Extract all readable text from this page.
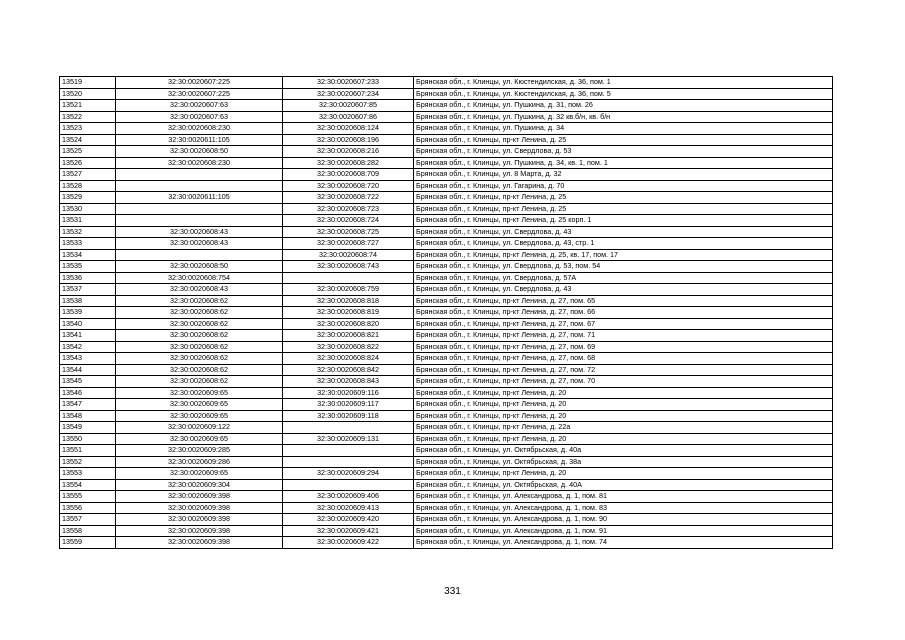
13519	32:30:0020607:225	32:30:0020607:233	Брянская обл., г. Клинцы, ул. Кюстендилская, д. 36, пом. 1
13520	32:30:0020607:225	32:30:0020607:234	Брянская обл., г. Клинцы, ул. Кюстендилская, д. 36, пом. 5
13521	32:30:0020607:63	32:30:0020607:85	Брянская обл., г. Клинцы, ул. Пушкина, д. 31, пом. 26
13522	32:30:0020607:63	32:30:0020607:86	Брянская обл., г. Клинцы, ул. Пушкина, д. 32 кв.б/н, кв. б/н
13523	32:30:0020608:230	32:30:0020608:124	Брянская обл., г. Клинцы, ул. Пушкина, д. 34
13524	32:30:0020611:105	32:30:0020608:196	Брянская обл., г. Клинцы, пр-кт Ленина, д. 25
13525	32:30:0020608:50	32:30:0020608:216	Брянская обл., г. Клинцы, ул. Свердлова, д. 53
13526	32:30:0020608:230	32:30:0020608:282	Брянская обл., г. Клинцы, ул. Пушкина, д. 34, кв. 1, пом. 1
13527		32:30:0020608:709	Брянская обл., г. Клинцы, ул. 8 Марта, д. 32
13528		32:30:0020608:720	Брянская обл., г. Клинцы, ул. Гагарина, д. 70
13529	32:30:0020611:105	32:30:0020608:722	Брянская обл., г. Клинцы, пр-кт Ленина, д. 25
13530		32:30:0020608:723	Брянская обл., г. Клинцы, пр-кт Ленина, д. 25
13531		32:30:0020608:724	Брянская обл., г. Клинцы, пр-кт Ленина, д. 25 корп. 1
13532	32:30:0020608:43	32:30:0020608:725	Брянская обл., г. Клинцы, ул. Свердлова, д. 43
13533	32:30:0020608:43	32:30:0020608:727	Брянская обл., г. Клинцы, ул. Свердлова, д. 43, стр. 1
13534		32:30:0020608:74	Брянская обл., г. Клинцы, пр-кт Ленина, д. 25, кв. 17, пом. 17
13535	32:30:0020608:50	32:30:0020608:743	Брянская обл., г. Клинцы, ул. Свердлова, д. 53, пом. 54
13536	32:30:0020608:754		Брянская обл., г. Клинцы, ул. Свердлова, д. 57А
13537	32:30:0020608:43	32:30:0020608:759	Брянская обл., г. Клинцы, ул. Свердлова, д. 43
13538	32:30:0020608:62	32:30:0020608:818	Брянская обл., г. Клинцы, пр-кт Ленина, д. 27, пом. 65
13539	32:30:0020608:62	32:30:0020608:819	Брянская обл., г. Клинцы, пр-кт Ленина, д. 27, пом. 66
13540	32:30:0020608:62	32:30:0020608:820	Брянская обл., г. Клинцы, пр-кт Ленина, д. 27, пом. 67
13541	32:30:0020608:62	32:30:0020608:821	Брянская обл., г. Клинцы, пр-кт Ленина, д. 27, пом. 71
13542	32:30:0020608:62	32:30:0020608:822	Брянская обл., г. Клинцы, пр-кт Ленина, д. 27, пом. 69
13543	32:30:0020608:62	32:30:0020608:824	Брянская обл., г. Клинцы, пр-кт Ленина, д. 27, пом. 68
13544	32:30:0020608:62	32:30:0020608:842	Брянская обл., г. Клинцы, пр-кт Ленина, д. 27, пом. 72
13545	32:30:0020608:62	32:30:0020608:843	Брянская обл., г. Клинцы, пр-кт Ленина, д. 27, пом. 70
13546	32:30:0020609:65	32:30:0020609:116	Брянская обл., г. Клинцы, пр-кт Ленина, д. 20
13547	32:30:0020609:65	32:30:0020609:117	Брянская обл., г. Клинцы, пр-кт Ленина, д. 20
13548	32:30:0020609:65	32:30:0020609:118	Брянская обл., г. Клинцы, пр-кт Ленина, д. 20
13549	32:30:0020609:122		Брянская обл., г. Клинцы, пр-кт Ленина, д. 22а
13550	32:30:0020609:65	32:30:0020609:131	Брянская обл., г. Клинцы, пр-кт Ленина, д. 20
13551	32:30:0020609:285		Брянская обл., г. Клинцы, ул. Октябрьская, д. 40а
13552	32:30:0020609:286		Брянская обл., г. Клинцы, ул. Октябрьская, д. 38а
13553	32:30:0020609:65	32:30:0020609:294	Брянская обл., г. Клинцы, пр-кт Ленина, д. 20
13554	32:30:0020609:304		Брянская обл., г. Клинцы, ул. Октябрьская, д. 40А
13555	32:30:0020609:398	32:30:0020609:406	Брянская обл., г. Клинцы, ул. Александрова, д. 1, пом. 81
13556	32:30:0020609:398	32:30:0020609:413	Брянская обл., г. Клинцы, ул. Александрова, д. 1, пом. 83
13557	32:30:0020609:398	32:30:0020609:420	Брянская обл., г. Клинцы, ул. Александрова, д. 1, пом. 90
13558	32:30:0020609:398	32:30:0020609:421	Брянская обл., г. Клинцы, ул. Александрова, д. 1, пом. 91
13559	32:30:0020609:398	32:30:0020609:422	Брянская обл., г. Клинцы, ул. Александрова, д. 1, пом. 74
331
